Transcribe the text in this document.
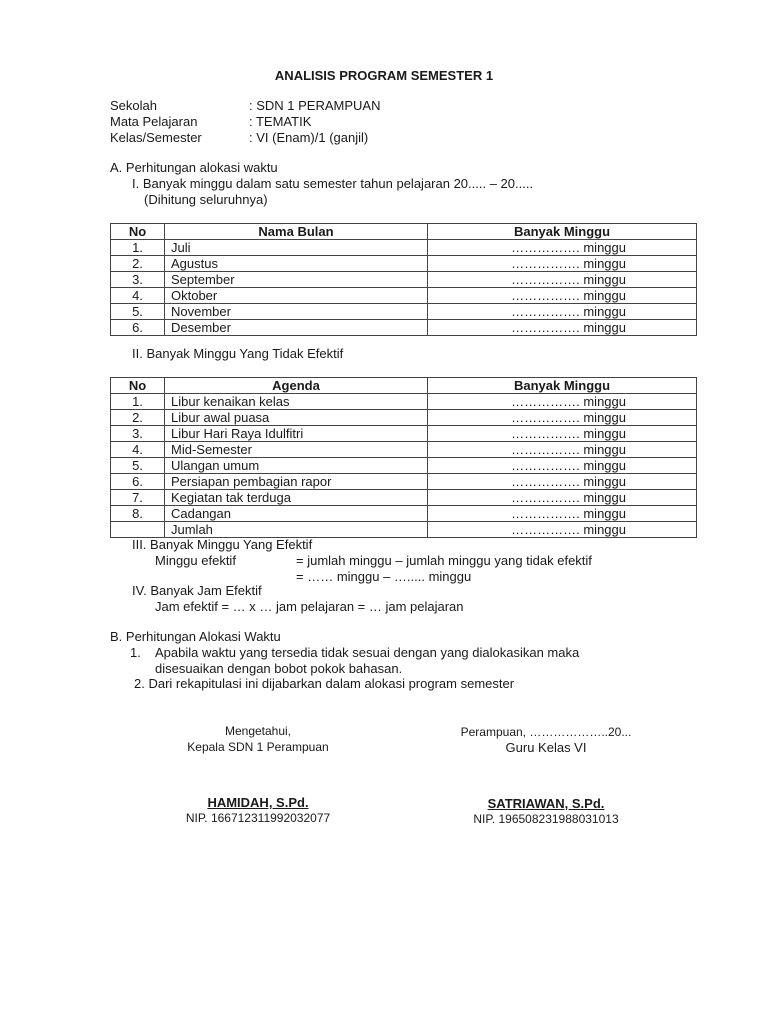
ANALISIS PROGRAM SEMESTER 1
Sekolah	: SDN 1 PERAMPUAN
Mata Pelajaran	: TEMATIK
Kelas/Semester	: VI (Enam)/1 (ganjil)
A. Perhitungan alokasi waktu
I. Banyak minggu dalam satu semester tahun pelajaran 20..... – 20.....
(Dihitung seluruhnya)
No	Nama Bulan	Banyak Minggu
1.	Juli	……………. minggu
2.	Agustus	……………. minggu
3.	September	……………. minggu
4.	Oktober	……………. minggu
5.	November	……………. minggu
6.	Desember	……………. minggu
II. Banyak Minggu Yang Tidak Efektif
No	Agenda	Banyak Minggu
1.	Libur kenaikan kelas	……………. minggu
2.	Libur awal puasa	……………. minggu
3.	Libur Hari Raya Idulfitri	……………. minggu
4.	Mid-Semester	……………. minggu
5.	Ulangan umum	……………. minggu
6.	Persiapan pembagian rapor	……………. minggu
7.	Kegiatan tak terduga	……………. minggu
8.	Cadangan	……………. minggu
	Jumlah	……………. minggu
III. Banyak Minggu Yang Efektif
Minggu efektif	= jumlah minggu – jumlah minggu yang tidak efektif
= …… minggu – …..... minggu
IV. Banyak Jam Efektif
Jam efektif = … x … jam pelajaran = … jam pelajaran
B. Perhitungan Alokasi Waktu
1. Apabila waktu yang tersedia tidak sesuai dengan yang dialokasikan maka
disesuaikan dengan bobot pokok bahasan.
2. Dari rekapitulasi ini dijabarkan dalam alokasi program semester
Mengetahui,
Kepala SDN 1 Perampuan
HAMIDAH, S.Pd.
NIP. 166712311992032077
Perampuan, ………………..20...
Guru Kelas VI
SATRIAWAN, S.Pd.
NIP. 196508231988031013
